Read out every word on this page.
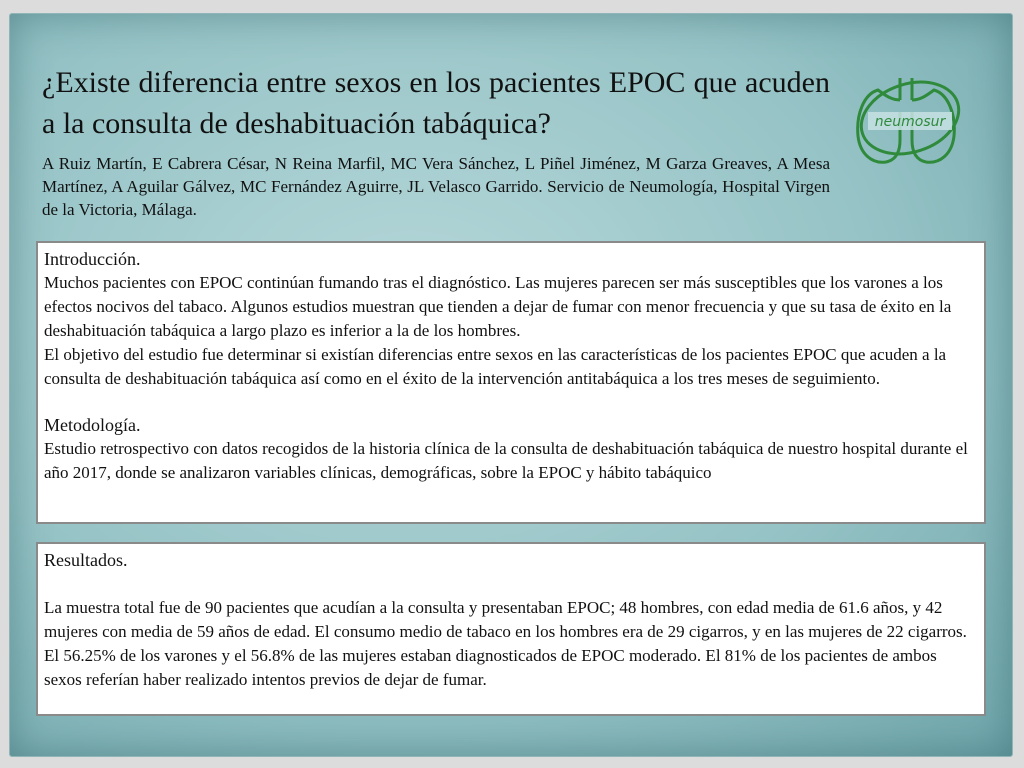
¿Existe diferencia entre sexos en los pacientes EPOC que acuden a la consulta de deshabituación tabáquica?
A Ruiz Martín, E Cabrera César, N Reina Marfil, MC Vera Sánchez, L Piñel Jiménez, M Garza Greaves, A Mesa Martínez, A Aguilar Gálvez, MC Fernández Aguirre, JL Velasco Garrido. Servicio de Neumología, Hospital Virgen de la Victoria, Málaga.
neumosur

Introducción.

Muchos pacientes con EPOC continúan fumando tras el diagnóstico. Las mujeres parecen ser más susceptibles que los varones a los efectos nocivos del tabaco. Algunos estudios muestran que tienden a dejar de fumar con menor frecuencia y que su tasa de éxito en la deshabituación tabáquica a largo plazo es inferior a la de los hombres.

El objetivo del estudio fue determinar si existían diferencias entre sexos en las características de los pacientes EPOC que acuden a la consulta de deshabituación tabáquica así como en el éxito de la intervención antitabáquica a los tres meses de seguimiento.

Metodología.

Estudio retrospectivo con datos recogidos de la historia clínica de la consulta de deshabituación tabáquica de nuestro hospital durante el año 2017, donde se analizaron variables clínicas, demográficas, sobre la EPOC y hábito tabáquico

Resultados.

La muestra total fue de 90 pacientes que acudían a la consulta y presentaban EPOC; 48 hombres, con edad media de 61.6 años, y 42 mujeres con media de 59 años de edad. El consumo medio de tabaco en los hombres era de 29 cigarros, y en las mujeres de 22 cigarros. El 56.25% de los varones y el 56.8% de las mujeres estaban diagnosticados de EPOC moderado. El 81% de los pacientes de ambos sexos referían haber realizado intentos previos de dejar de fumar.
